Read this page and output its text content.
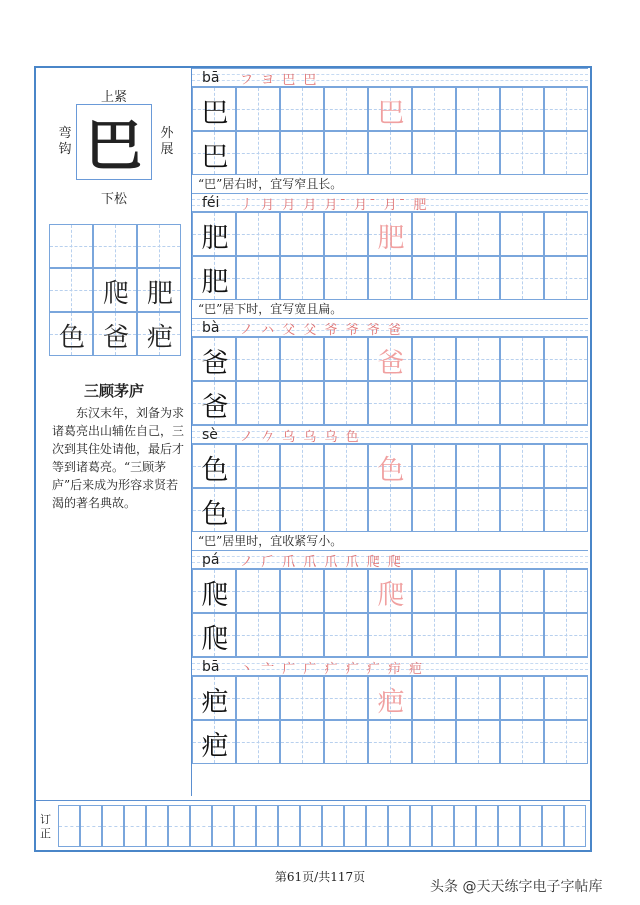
上紧
下松
弯钩
外展
巴
爬 肥
色 爸 疤
三顾茅庐
东汉末年，刘备为求诸葛亮出山辅佐自己，三次到其住处请他，最后才等到诸葛亮。“三顾茅庐”后来成为形容求贤若渴的著名典故。
bā フ ヨ 巴 巴
巴	巴
巴
“巴”居右时，宜写窄且长。
féi 丿 月 月 月 月ˉ 月ˉ 月ˉ 肥
肥	肥
肥
“巴”居下时，宜写宽且扁。
bà ノ ハ 父 父 爷 爷 爷 爸
爸	爸
爸
sè ノ 𠂊 乌 乌 乌 色
色	色
色
“巴”居里时，宜收紧写小。
pá ノ 𠂆 爪 爪 爪 爪 爬 爬
爬	爬
爬
bā 丶 亠 广 广 疒 疒 疒 疖 疤
疤	疤
疤
订正
第61页/共117页
头条 @天天练字电子字帖库
